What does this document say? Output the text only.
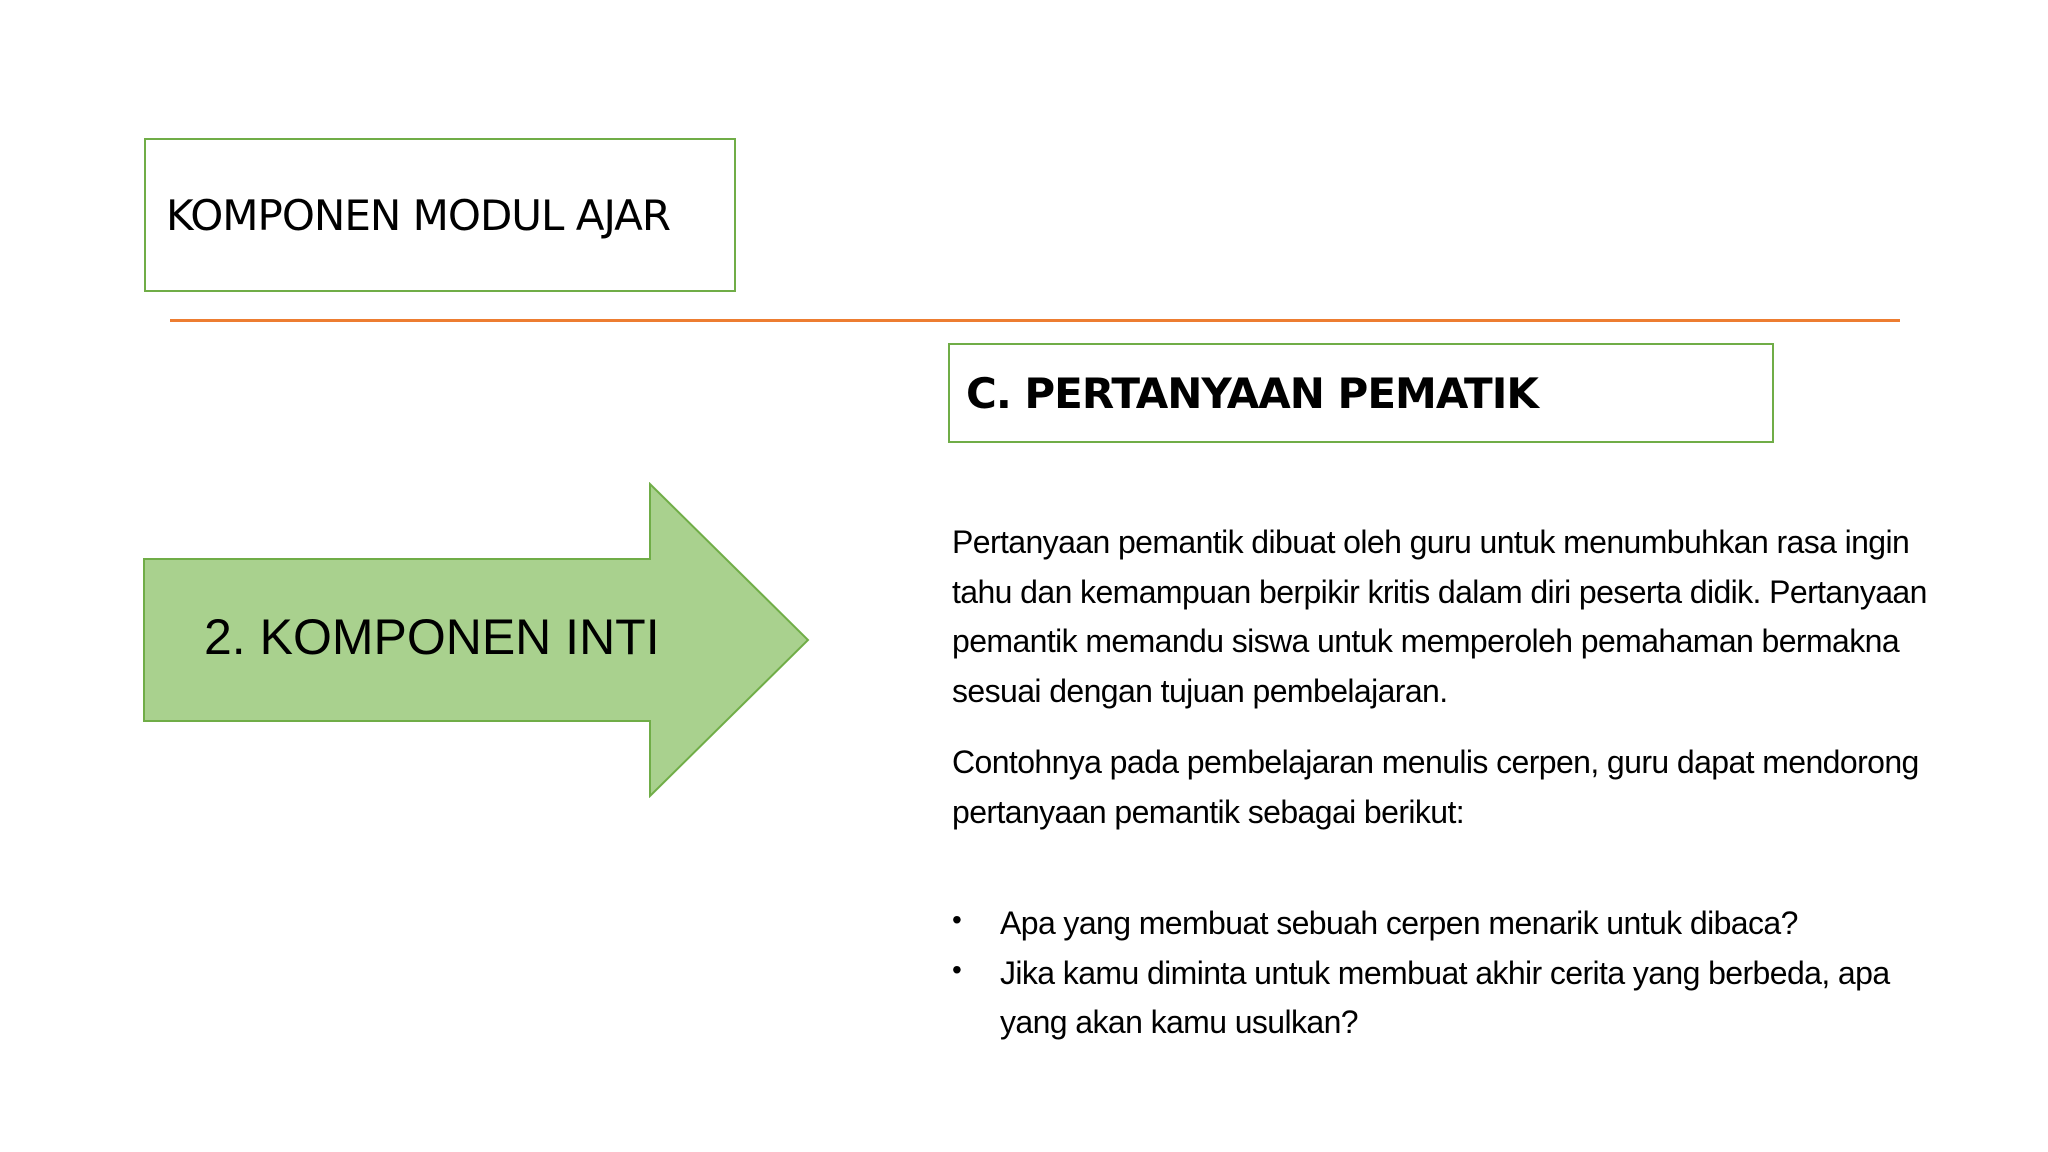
KOMPONEN MODUL AJAR
C. PERTANYAAN PEMATIK
2. KOMPONEN INTI

Pertanyaan pemantik dibuat oleh guru untuk menumbuhkan rasa ingin tahu dan kemampuan berpikir kritis dalam diri peserta didik. Pertanyaan pemantik memandu siswa untuk memperoleh pemahaman bermakna sesuai dengan tujuan pembelajaran.

Contohnya pada pembelajaran menulis cerpen, guru dapat mendorong pertanyaan pemantik sebagai berikut:

• Apa yang membuat sebuah cerpen menarik untuk dibaca?
• Jika kamu diminta untuk membuat akhir cerita yang berbeda, apa yang akan kamu usulkan?
